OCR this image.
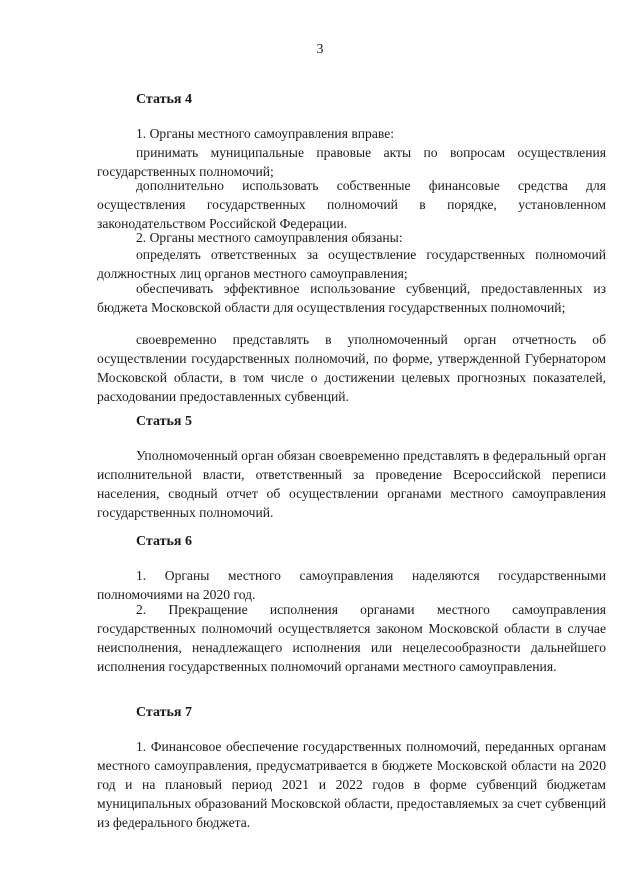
3
Статья 4

1. Органы местного самоуправления вправе:

принимать муниципальные правовые акты по вопросам осуществления государственных полномочий;

дополнительно использовать собственные финансовые средства для осуществления государственных полномочий в порядке, установленном законодательством Российской Федерации.

2. Органы местного самоуправления обязаны:

определять ответственных за осуществление государственных полномочий должностных лиц органов местного самоуправления;

обеспечивать эффективное использование субвенций, предоставленных из бюджета Московской области для осуществления государственных полномочий;

своевременно представлять в уполномоченный орган отчетность об осуществлении государственных полномочий, по форме, утвержденной Губернатором Московской области, в том числе о достижении целевых прогнозных показателей, расходовании предоставленных субвенций.

Статья 5

Уполномоченный орган обязан своевременно представлять в федеральный орган исполнительной власти, ответственный за проведение Всероссийской переписи населения, сводный отчет об осуществлении органами местного самоуправления государственных полномочий.

Статья 6

1. Органы местного самоуправления наделяются государственными полномочиями на 2020 год.

2. Прекращение исполнения органами местного самоуправления государственных полномочий осуществляется законом Московской области в случае неисполнения, ненадлежащего исполнения или нецелесообразности дальнейшего исполнения государственных полномочий органами местного самоуправления.

Статья 7

1. Финансовое обеспечение государственных полномочий, переданных органам местного самоуправления, предусматривается в бюджете Московской области на 2020 год и на плановый период 2021 и 2022 годов в форме субвенций бюджетам муниципальных образований Московской области, предоставляемых за счет субвенций из федерального бюджета.
